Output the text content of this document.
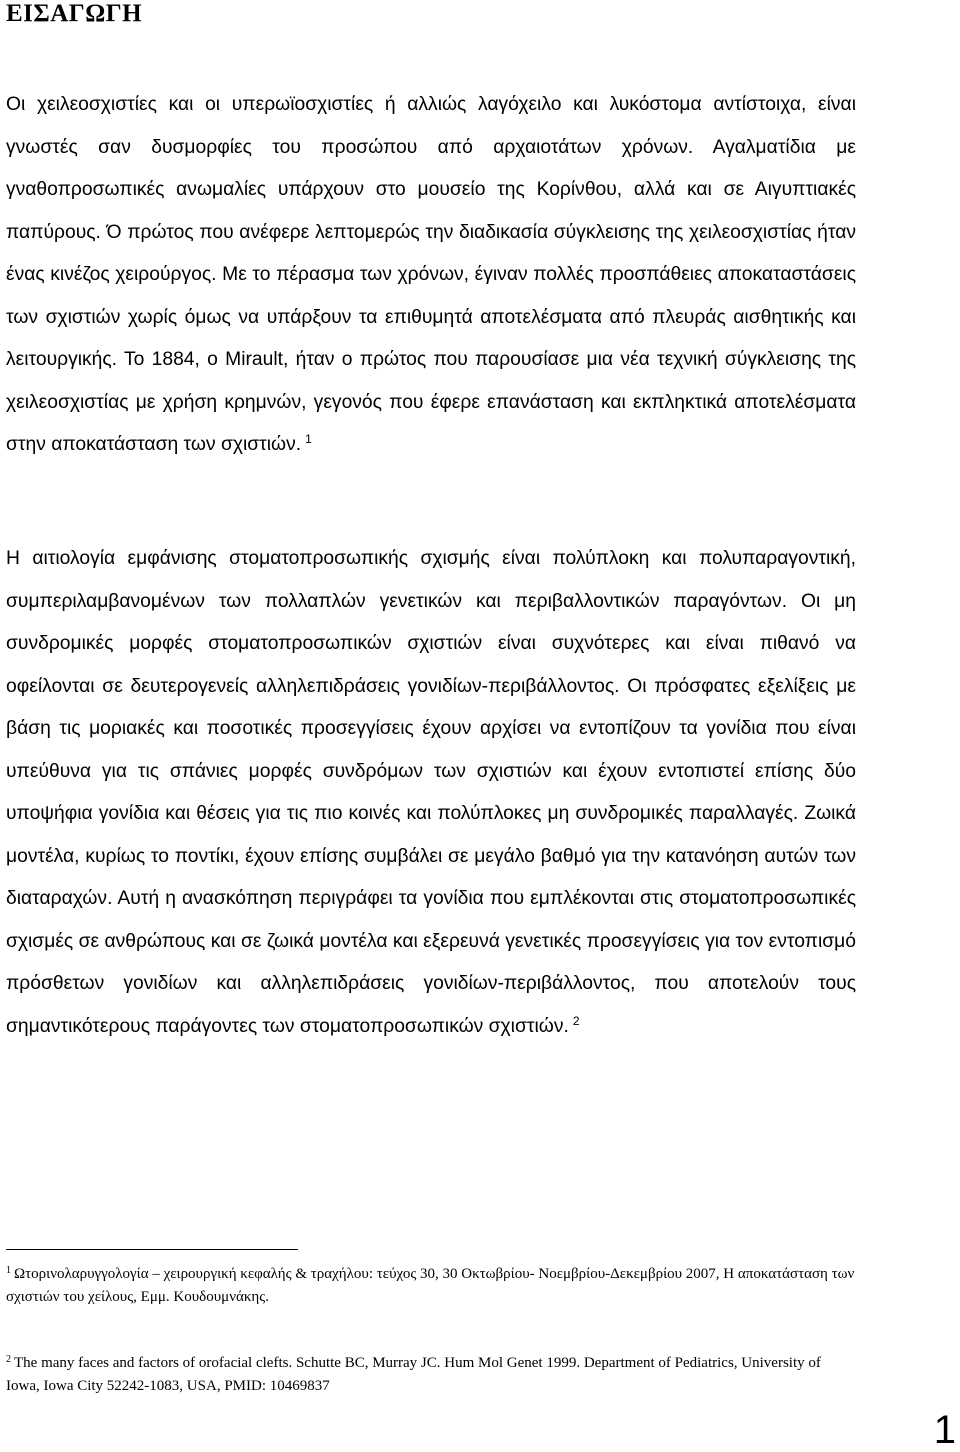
ΕΙΣΑΓΩΓΗ

Οι χειλεοσχιστίες και οι υπερωϊοσχιστίες ή αλλιώς λαγόχειλο και λυκόστομα αντίστοιχα, είναι γνωστές σαν δυσμορφίες του προσώπου από αρχαιοτάτων χρόνων. Αγαλματίδια με γναθοπροσωπικές ανωμαλίες υπάρχουν στο μουσείο της Κορίνθου, αλλά και σε Αιγυπτιακές παπύρους. Ό πρώτος που ανέφερε λεπτομερώς την διαδικασία σύγκλεισης της χειλεοσχιστίας ήταν ένας κινέζος χειρούργος. Με το πέρασμα των χρόνων, έγιναν πολλές προσπάθειες αποκαταστάσεις των σχιστιών χωρίς όμως να υπάρξουν τα επιθυμητά αποτελέσματα από πλευράς αισθητικής και λειτουργικής. Το 1884, ο Mirault, ήταν ο πρώτος που παρουσίασε μια νέα τεχνική σύγκλεισης της χειλεοσχιστίας με χρήση κρημνών, γεγονός που έφερε επανάσταση και εκπληκτικά αποτελέσματα στην αποκατάσταση των σχιστιών. $^1$

Η αιτιολογία εμφάνισης στοματοπροσωπικής σχισμής είναι πολύπλοκη και πολυπαραγοντική, συμπεριλαμβανομένων των πολλαπλών γενετικών και περιβαλλοντικών παραγόντων. Οι μη συνδρομικές μορφές στοματοπροσωπικών σχιστιών είναι συχνότερες και είναι πιθανό να οφείλονται σε δευτερογενείς αλληλεπιδράσεις γονιδίων-περιβάλλοντος. Οι πρόσφατες εξελίξεις με βάση τις μοριακές και ποσοτικές προσεγγίσεις έχουν αρχίσει να εντοπίζουν τα γονίδια που είναι υπεύθυνα για τις σπάνιες μορφές συνδρόμων των σχιστιών και έχουν εντοπιστεί επίσης δύο υποψήφια γονίδια και θέσεις για τις πιο κοινές και πολύπλοκες μη συνδρομικές παραλλαγές. Ζωικά μοντέλα, κυρίως το ποντίκι, έχουν επίσης συμβάλει σε μεγάλο βαθμό για την κατανόηση αυτών των διαταραχών. Αυτή η ανασκόπηση περιγράφει τα γονίδια που εμπλέκονται στις στοματοπροσωπικές σχισμές σε ανθρώπους και σε ζωικά μοντέλα και εξερευνά γενετικές προσεγγίσεις για τον εντοπισμό πρόσθετων γονιδίων και αλληλεπιδράσεις γονιδίων-περιβάλλοντος, που αποτελούν τους σημαντικότερους παράγοντες των στοματοπροσωπικών σχιστιών. $^2$

$^1$ Ωτορινολαρυγγολογία – χειρουργική κεφαλής & τραχήλου: τεύχος 30, 30 Οκτωβρίου- Νοεμβρίου-Δεκεμβρίου 2007, Η αποκατάσταση των σχιστιών του χείλους, Εμμ. Κουδουμνάκης.

$^2$ The many faces and factors of orofacial clefts. Schutte BC, Murray JC. Hum Mol Genet 1999. Department of Pediatrics, University of Iowa, Iowa City 52242-1083, USA, PMID: 10469837

1
